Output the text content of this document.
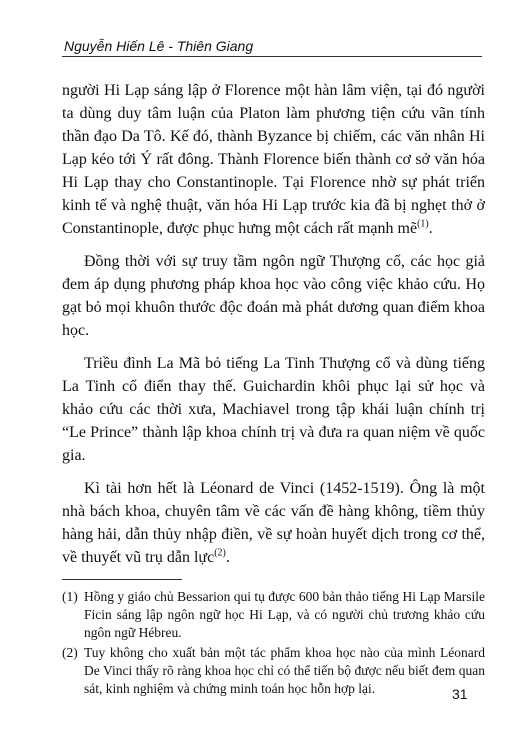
Nguyễn Hiến Lê - Thiên Giang

người Hi Lạp sáng lập ở Florence một hàn lâm viện, tại đó người ta dùng duy tâm luận của Platon làm phương tiện cứu vãn tính thần đạo Da Tô. Kế đó, thành Byzance bị chiếm, các văn nhân Hi Lạp kéo tới Ý rất đông. Thành Florence biến thành cơ sở văn hóa Hi Lạp thay cho Constantinople. Tại Florence nhờ sự phát triển kinh tế và nghệ thuật, văn hóa Hi Lạp trước kia đã bị nghẹt thở ở Constantinople, được phục hưng một cách rất mạnh mẽ$^{(1)}$.

Đồng thời với sự truy tầm ngôn ngữ Thượng cổ, các học giả đem áp dụng phương pháp khoa học vào công việc khảo cứu. Họ gạt bỏ mọi khuôn thước độc đoán mà phát dương quan điểm khoa học.

Triều đình La Mã bỏ tiếng La Tinh Thượng cổ và dùng tiếng La Tinh cổ điển thay thế. Guichardin khôi phục lại sử học và khảo cứu các thời xưa, Machiavel trong tập khái luận chính trị “Le Prince” thành lập khoa chính trị và đưa ra quan niệm về quốc gia.

Kì tài hơn hết là Léonard de Vinci (1452-1519). Ông là một nhà bách khoa, chuyên tâm về các vấn đề hàng không, tiềm thủy hàng hải, dẫn thủy nhập điền, về sự hoàn huyết dịch trong cơ thể, về thuyết vũ trụ dẫn lực$^{(2)}$.

(1) Hồng y giáo chủ Bessarion qui tụ được 600 bản thảo tiếng Hi Lạp Marsile Ficin sáng lập ngôn ngữ học Hi Lạp, và có người chủ trương khảo cứu ngôn ngữ Hébreu.
(2) Tuy không cho xuất bản một tác phẩm khoa học nào của mình Léonard De Vinci thấy rõ ràng khoa học chỉ có thể tiến bộ được nếu biết đem quan sát, kinh nghiệm và chứng minh toán học hỗn hợp lại.	31
